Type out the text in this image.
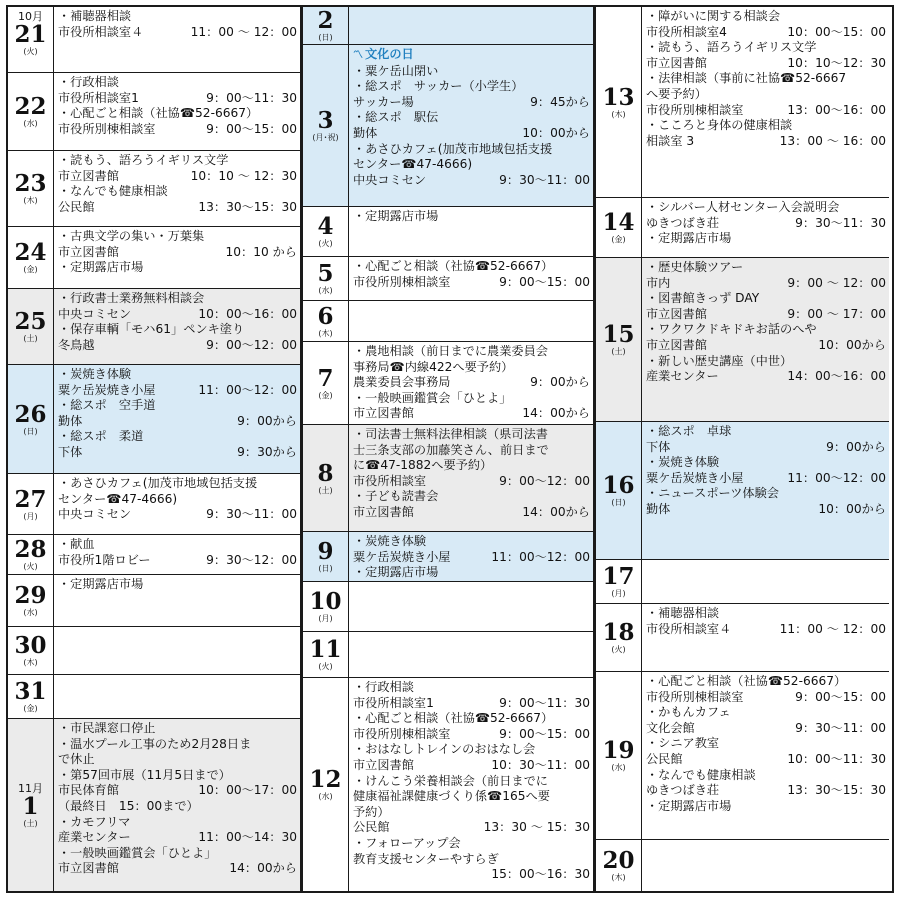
10月
21
(火)
・補聴器相談
市役所相談室４	11：00 ～ 12：00
22
(水)
・行政相談
市役所相談室1	9：00～11：30
・心配ごと相談（社協☎52-6667）
市役所別棟相談室	9：00～15：00
23
(木)
・読もう、語ろうイギリス文学
市立図書館	10：10 ～ 12：30
・なんでも健康相談
公民館	13：30～15：30
24
(金)
・古典文学の集い・万葉集
市立図書館	10：10 から
・定期露店市場
25
(土)
・行政書士業務無料相談会
中央コミセン	10：00～16：00
・保存車輌「モハ61」ペンキ塗り
冬鳥越	9：00～12：00
26
(日)
・炭焼き体験
粟ケ岳炭焼き小屋	11：00～12：00
・総スポ　空手道
勤体	9：00から
・総スポ　柔道
下体	9：30から
27
(月)
・あさひカフェ(加茂市地域包括支援
センター☎47-4666)
中央コミセン	9：30～11：00
28
(火)
・献血
市役所1階ロビー	9：30～12：00
29
(水)
・定期露店市場
30
(木)
31
(金)
11月
1
(土)
・市民課窓口停止
・温水プール工事のため2月28日ま
で休止
・第57回市展（11月5日まで）
市民体育館	10：00～17：00
（最終日　15：00まで）
・カモフリマ
産業センター	11：00～14：30
・一般映画鑑賞会「ひとよ」
市立図書館	14：00から
2
(日)
3
(月･祝)
〽 文化の日
・粟ケ岳山閉い
・総スポ　サッカー（小学生）
サッカー場	9：45から
・総スポ　駅伝
勤体	10：00から
・あさひカフェ(加茂市地域包括支援
センター☎47-4666)
中央コミセン	9：30～11：00
4
(火)
・定期露店市場
5
(水)
・心配ごと相談（社協☎52-6667）
市役所別棟相談室	9：00～15：00
6
(木)
7
(金)
・農地相談（前日までに農業委員会
事務局☎内線422へ要予約）
農業委員会事務局	9：00から
・一般映画鑑賞会「ひとよ」
市立図書館	14：00から
8
(土)
・司法書士無料法律相談（県司法書
士三条支部の加藤笑さん、前日まで
に☎47-1882へ要予約）
市役所相談室	9：00～12：00
・子ども読書会
市立図書館	14：00から
9
(日)
・炭焼き体験
粟ケ岳炭焼き小屋	11：00～12：00
・定期露店市場
10
(月)
11
(火)
12
(水)
・行政相談
市役所相談室1	9：00～11：30
・心配ごと相談（社協☎52-6667）
市役所別棟相談室	9：00～15：00
・おはなしトレインのおはなし会
市立図書館	10：30～11：00
・けんこう栄養相談会（前日までに
健康福祉課健康づくり係☎165へ要
予約）
公民館	13：30 ～ 15：30
・フォローアップ会
教育支援センターやすらぎ
15：00～16：30
13
(木)
・障がいに関する相談会
市役所相談室4	10：00～15：00
・読もう、語ろうイギリス文学
市立図書館	10：10～12：30
・法律相談（事前に社協☎52-6667
へ要予約）
市役所別棟相談室	13：00～16：00
・こころと身体の健康相談
相談室 3	13：00 ～ 16：00
14
(金)
・シルバー人材センター入会説明会
ゆきつばき荘	9：30～11：30
・定期露店市場
15
(土)
・歴史体験ツアー
市内	9：00 ～ 12：00
・図書館きっず DAY
市立図書館	9：00 ～ 17：00
・ワクワクドキドキお話のへや
市立図書館	10：00から
・新しい歴史講座（中世）
産業センター	14：00～16：00
16
(日)
・総スポ　卓球
下体	9：00から
・炭焼き体験
粟ケ岳炭焼き小屋	11：00～12：00
・ニュースポーツ体験会
勤体	10：00から
17
(月)
18
(火)
・補聴器相談
市役所相談室４	11：00 ～ 12：00
19
(水)
・心配ごと相談（社協☎52-6667）
市役所別棟相談室	9：00～15：00
・かもんカフェ
文化会館	9：30～11：00
・シニア教室
公民館	10：00～11：30
・なんでも健康相談
ゆきつばき荘	13：30～15：30
・定期露店市場
20
(木)
